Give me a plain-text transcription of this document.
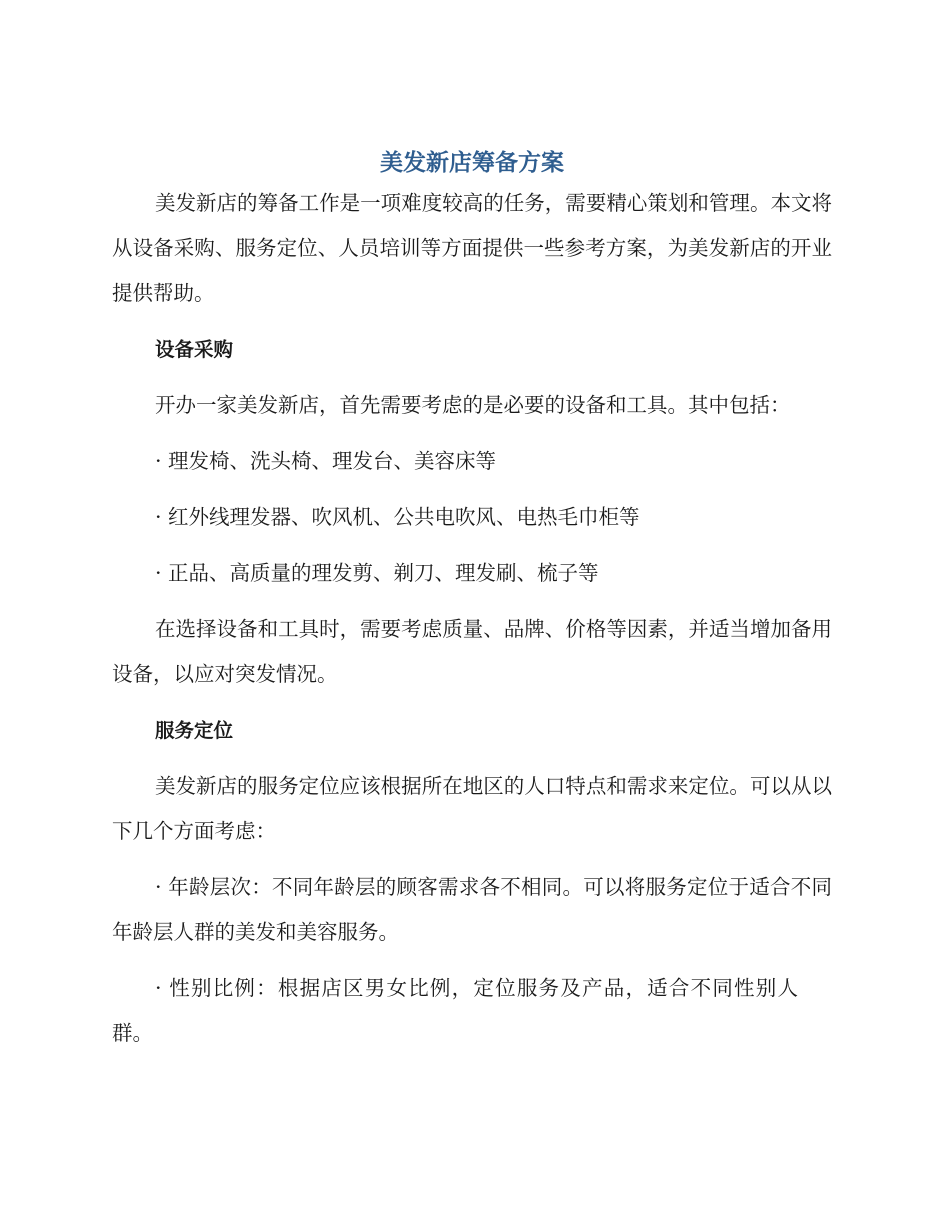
美发新店筹备方案

美发新店的筹备工作是一项难度较高的任务，需要精心策划和管理。本文将从设备采购、服务定位、人员培训等方面提供一些参考方案，为美发新店的开业提供帮助。

设备采购

开办一家美发新店，首先需要考虑的是必要的设备和工具。其中包括：

· 理发椅、洗头椅、理发台、美容床等

· 红外线理发器、吹风机、公共电吹风、电热毛巾柜等

· 正品、高质量的理发剪、剃刀、理发刷、梳子等

在选择设备和工具时，需要考虑质量、品牌、价格等因素，并适当增加备用设备，以应对突发情况。

服务定位

美发新店的服务定位应该根据所在地区的人口特点和需求来定位。可以从以下几个方面考虑：

· 年龄层次：不同年龄层的顾客需求各不相同。可以将服务定位于适合不同年龄层人群的美发和美容服务。

· 性别比例：根据店区男女比例，定位服务及产品，适合不同性别人群。
